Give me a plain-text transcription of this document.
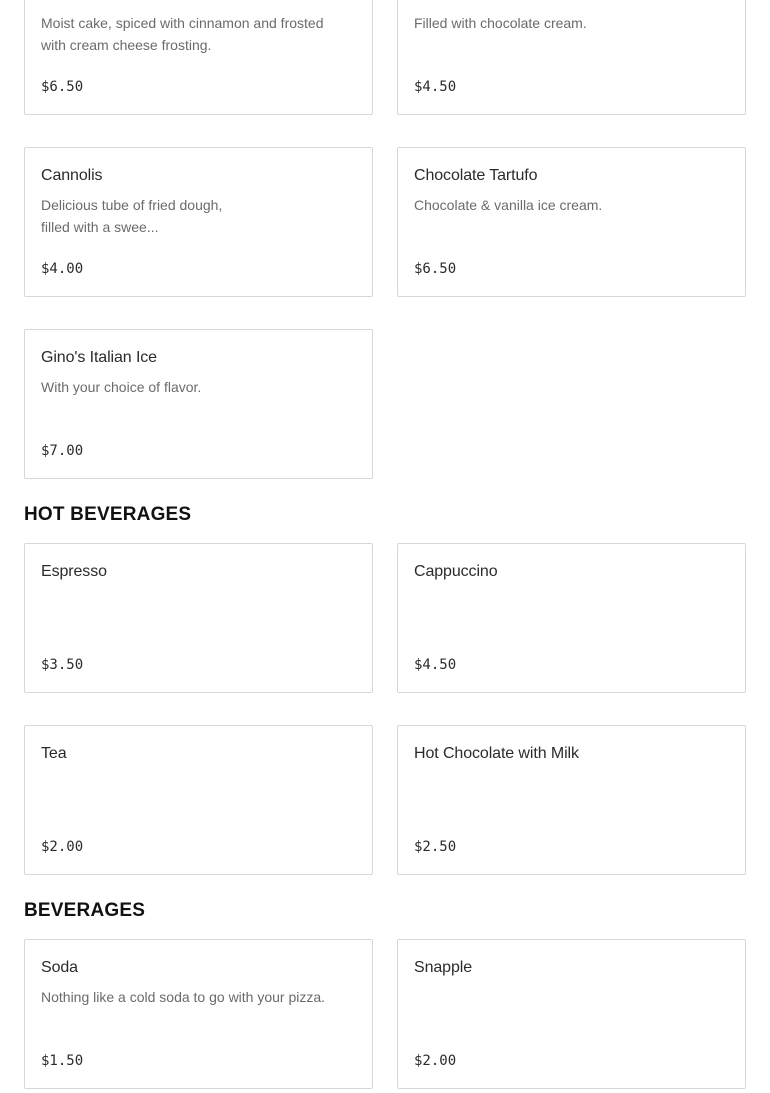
Moist cake, spiced with cinnamon and frosted with cream cheese frosting.
$6.50
Filled with chocolate cream.
$4.50
Cannolis
Delicious tube of fried dough, filled with a swee...
$4.00
Chocolate Tartufo
Chocolate & vanilla ice cream.
$6.50
Gino's Italian Ice
With your choice of flavor.
$7.00
HOT BEVERAGES
Espresso
$3.50
Cappuccino
$4.50
Tea
$2.00
Hot Chocolate with Milk
$2.50
BEVERAGES
Soda
Nothing like a cold soda to go with your pizza.
$1.50
Snapple
$2.00
